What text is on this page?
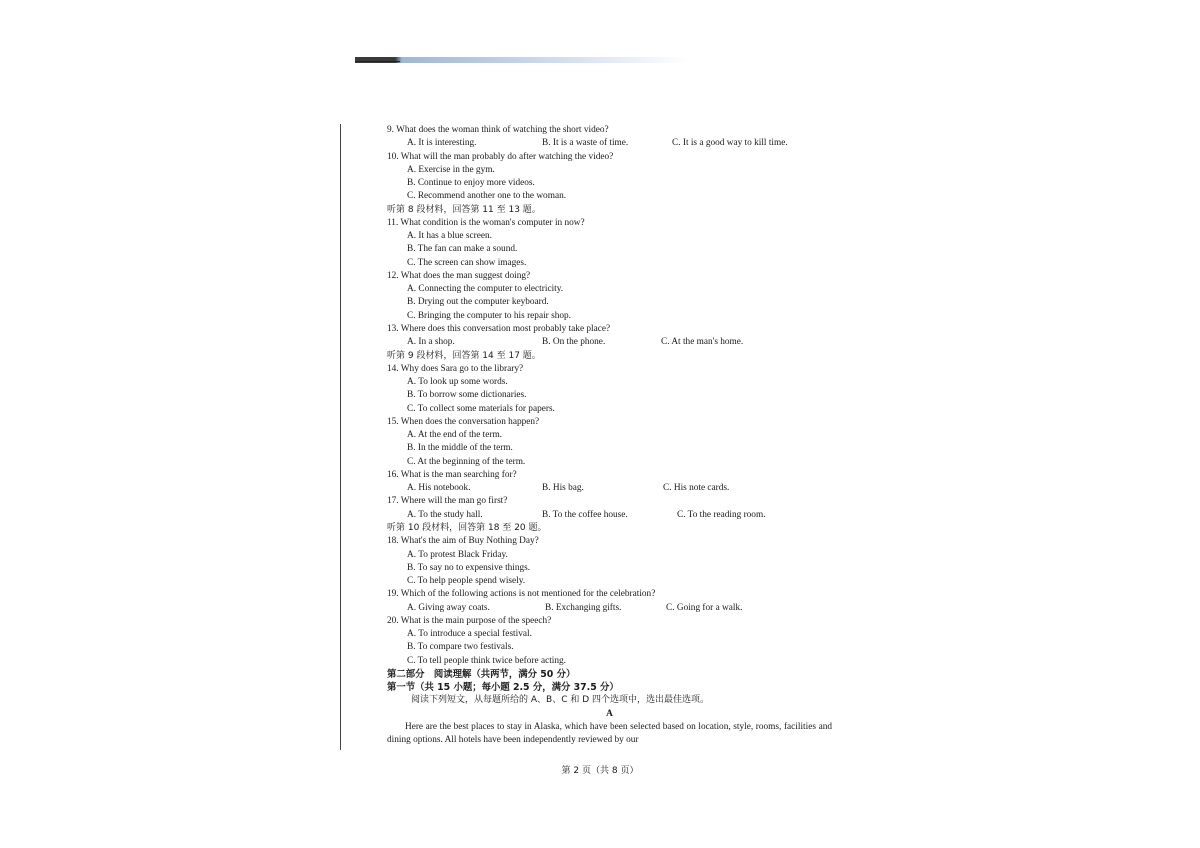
9. What does the woman think of watching the short video?

A. It is interesting.

	B. It is a waste of time.

	C. It is a good way to kill time.

10. What will the man probably do after watching the video?
A. Exercise in the gym.
B. Continue to enjoy more videos.
C. Recommend another one to the woman.
听第 8 段材料，回答第 11 至 13 题。
11. What condition is the woman's computer in now?
A. It has a blue screen.
B. The fan can make a sound.
C. The screen can show images.
12. What does the man suggest doing?
A. Connecting the computer to electricity.
B. Drying out the computer keyboard.
C. Bringing the computer to his repair shop.
13. Where does this conversation most probably take place?

A. In a shop.

	B. On the phone.

	C. At the man's home.

听第 9 段材料，回答第 14 至 17 题。
14. Why does Sara go to the library?
A. To look up some words.
B. To borrow some dictionaries.
C. To collect some materials for papers.
15. When does the conversation happen?
A. At the end of the term.
B. In the middle of the term.
C. At the beginning of the term.
16. What is the man searching for?

A. His notebook.

	B. His bag.

	C. His note cards.

17. Where will the man go first?

A. To the study hall.

	B. To the coffee house.

	C. To the reading room.

听第 10 段材料，回答第 18 至 20 题。
18. What's the aim of Buy Nothing Day?
A. To protest Black Friday.
B. To say no to expensive things.
C. To help people spend wisely.
19. Which of the following actions is not mentioned for the celebration?

A. Giving away coats.

	B. Exchanging gifts.

	C. Going for a walk.

20. What is the main purpose of the speech?
A. To introduce a special festival.
B. To compare two festivals.
C. To tell people think twice before acting.
第二部分　阅读理解（共两节，满分 50 分）
第一节（共 15 小题；每小题 2.5 分，满分 37.5 分）
阅读下列短文，从每题所给的 A、B、C 和 D 四个选项中，选出最佳选项。
A
Here are the best places to stay in Alaska, which have been selected based on location, style, rooms, facilities and dining options. All hotels have been independently reviewed by our
第 2 页（共 8 页）
